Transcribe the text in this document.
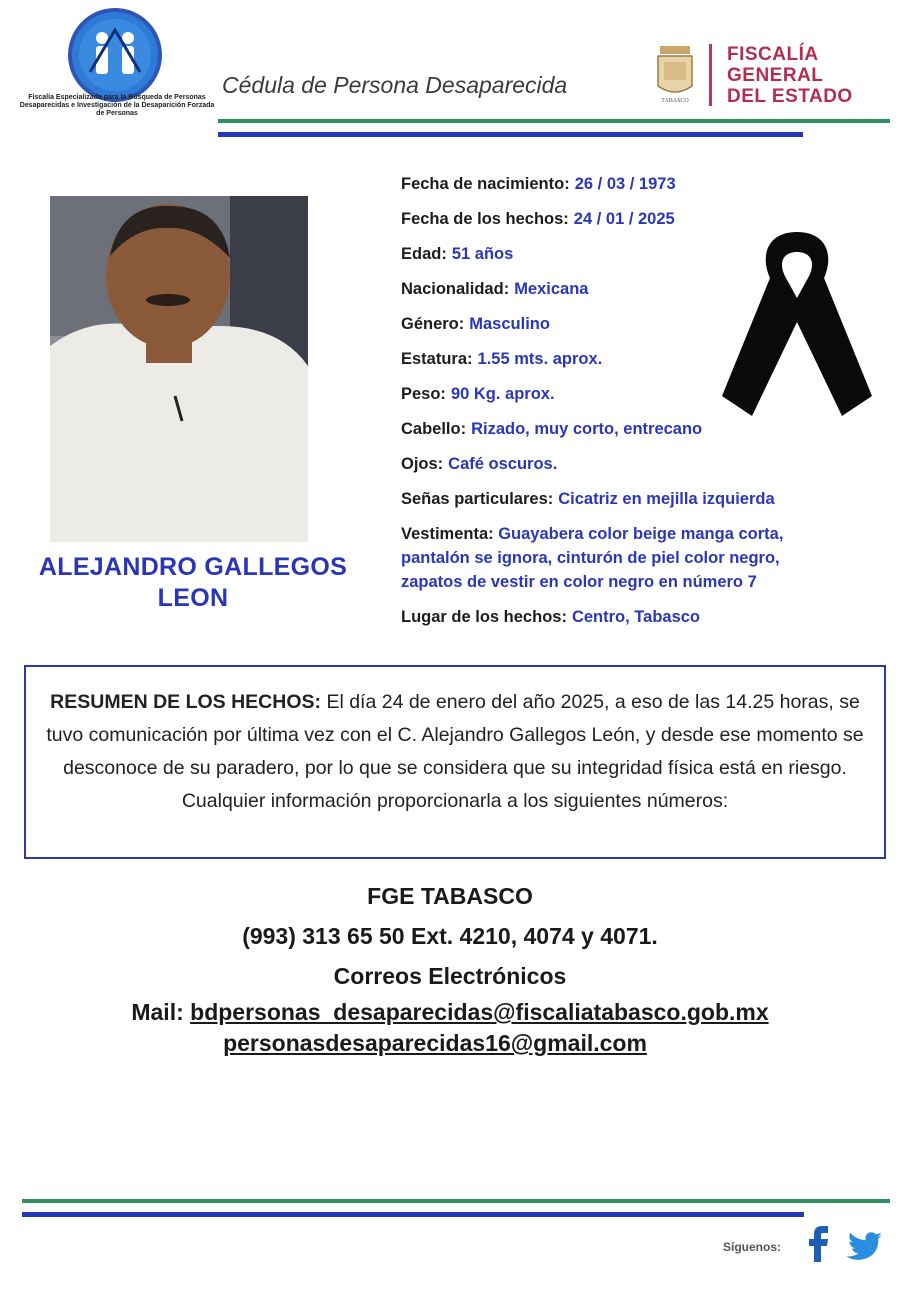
Fiscalía Especializada para la Búsqueda de Personas Desaparecidas e Investigación de la Desaparición Forzada de Personas
Cédula de Persona Desaparecida
TABASCO
FISCALÍA
GENERAL
DEL ESTADO
ALEJANDRO GALLEGOS
LEON
Fecha de nacimiento: 26 / 03 / 1973
Fecha de los hechos: 24 / 01 / 2025
Edad: 51 años
Nacionalidad: Mexicana
Género: Masculino
Estatura: 1.55 mts. aprox.
Peso: 90 Kg. aprox.
Cabello: Rizado, muy corto, entrecano
Ojos: Café oscuros.
Señas particulares: Cicatriz en mejilla izquierda
Vestimenta: Guayabera color beige manga corta,
pantalón se ignora, cinturón de piel color negro,
zapatos de vestir en color negro en número 7
Lugar de los hechos: Centro, Tabasco
RESUMEN DE LOS HECHOS: El día 24 de enero del año 2025, a eso de las 14.25 horas, se tuvo comunicación por última vez con el C. Alejandro Gallegos León, y desde ese momento se desconoce de su paradero, por lo que se considera que su integridad física está en riesgo. Cualquier información proporcionarla a los siguientes números:
FGE TABASCO
(993) 313 65 50 Ext. 4210, 4074 y 4071.
Correos Electrónicos
Mail: bdpersonas_desaparecidas@fiscaliatabasco.gob.mx
personasdesaparecidas16@gmail.com
Síguenos:
